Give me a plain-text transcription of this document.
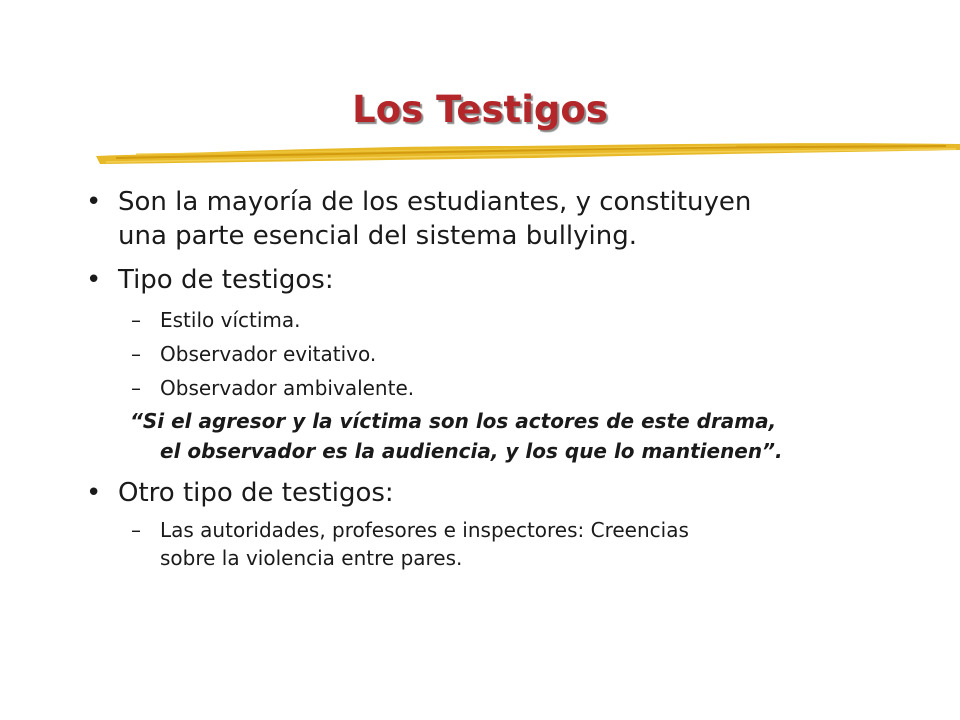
Los Testigos
• Son la mayoría de los estudiantes, y constituyen
una parte esencial del sistema bullying.
• Tipo de testigos:
– Estilo víctima.
– Observador evitativo.
– Observador ambivalente.
“Si el agresor y la víctima son los actores de este drama,
el observador es la audiencia, y los que lo mantienen”.
• Otro tipo de testigos:
– Las autoridades, profesores e inspectores: Creencias
sobre la violencia entre pares.
